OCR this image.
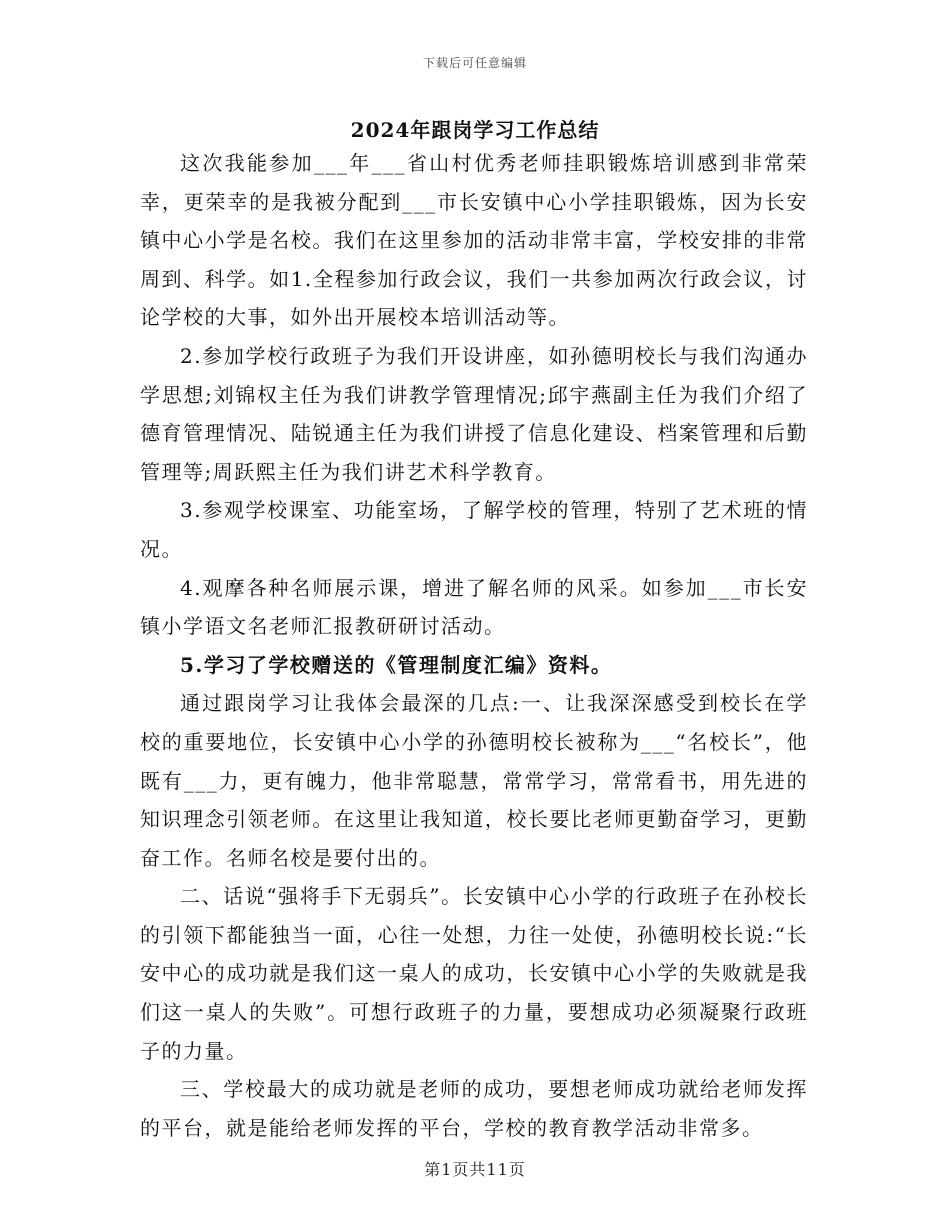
下载后可任意编辑
2024年跟岗学习工作总结

这次我能参加___年___省山村优秀老师挂职锻炼培训感到非常荣幸，更荣幸的是我被分配到___市长安镇中心小学挂职锻炼，因为长安镇中心小学是名校。我们在这里参加的活动非常丰富，学校安排的非常周到、科学。如1.全程参加行政会议，我们一共参加两次行政会议，讨论学校的大事，如外出开展校本培训活动等。

2.参加学校行政班子为我们开设讲座，如孙德明校长与我们沟通办学思想;刘锦权主任为我们讲教学管理情况;邱宇燕副主任为我们介绍了德育管理情况、陆锐通主任为我们讲授了信息化建设、档案管理和后勤管理等;周跃熙主任为我们讲艺术科学教育。

3.参观学校课室、功能室场，了解学校的管理，特别了艺术班的情况。

4.观摩各种名师展示课，增进了解名师的风采。如参加___市长安镇小学语文名老师汇报教研研讨活动。

5.学习了学校赠送的《管理制度汇编》资料。

通过跟岗学习让我体会最深的几点:一、让我深深感受到校长在学校的重要地位，长安镇中心小学的孙德明校长被称为___“名校长”，他既有___力，更有魄力，他非常聪慧，常常学习，常常看书，用先进的知识理念引领老师。在这里让我知道，校长要比老师更勤奋学习，更勤奋工作。名师名校是要付出的。

二、话说“强将手下无弱兵”。长安镇中心小学的行政班子在孙校长的引领下都能独当一面，心往一处想，力往一处使，孙德明校长说:“长安中心的成功就是我们这一桌人的成功，长安镇中心小学的失败就是我们这一桌人的失败”。可想行政班子的力量，要想成功必须凝聚行政班子的力量。

三、学校最大的成功就是老师的成功，要想老师成功就给老师发挥的平台，就是能给老师发挥的平台，学校的教育教学活动非常多。

第1页共11页
